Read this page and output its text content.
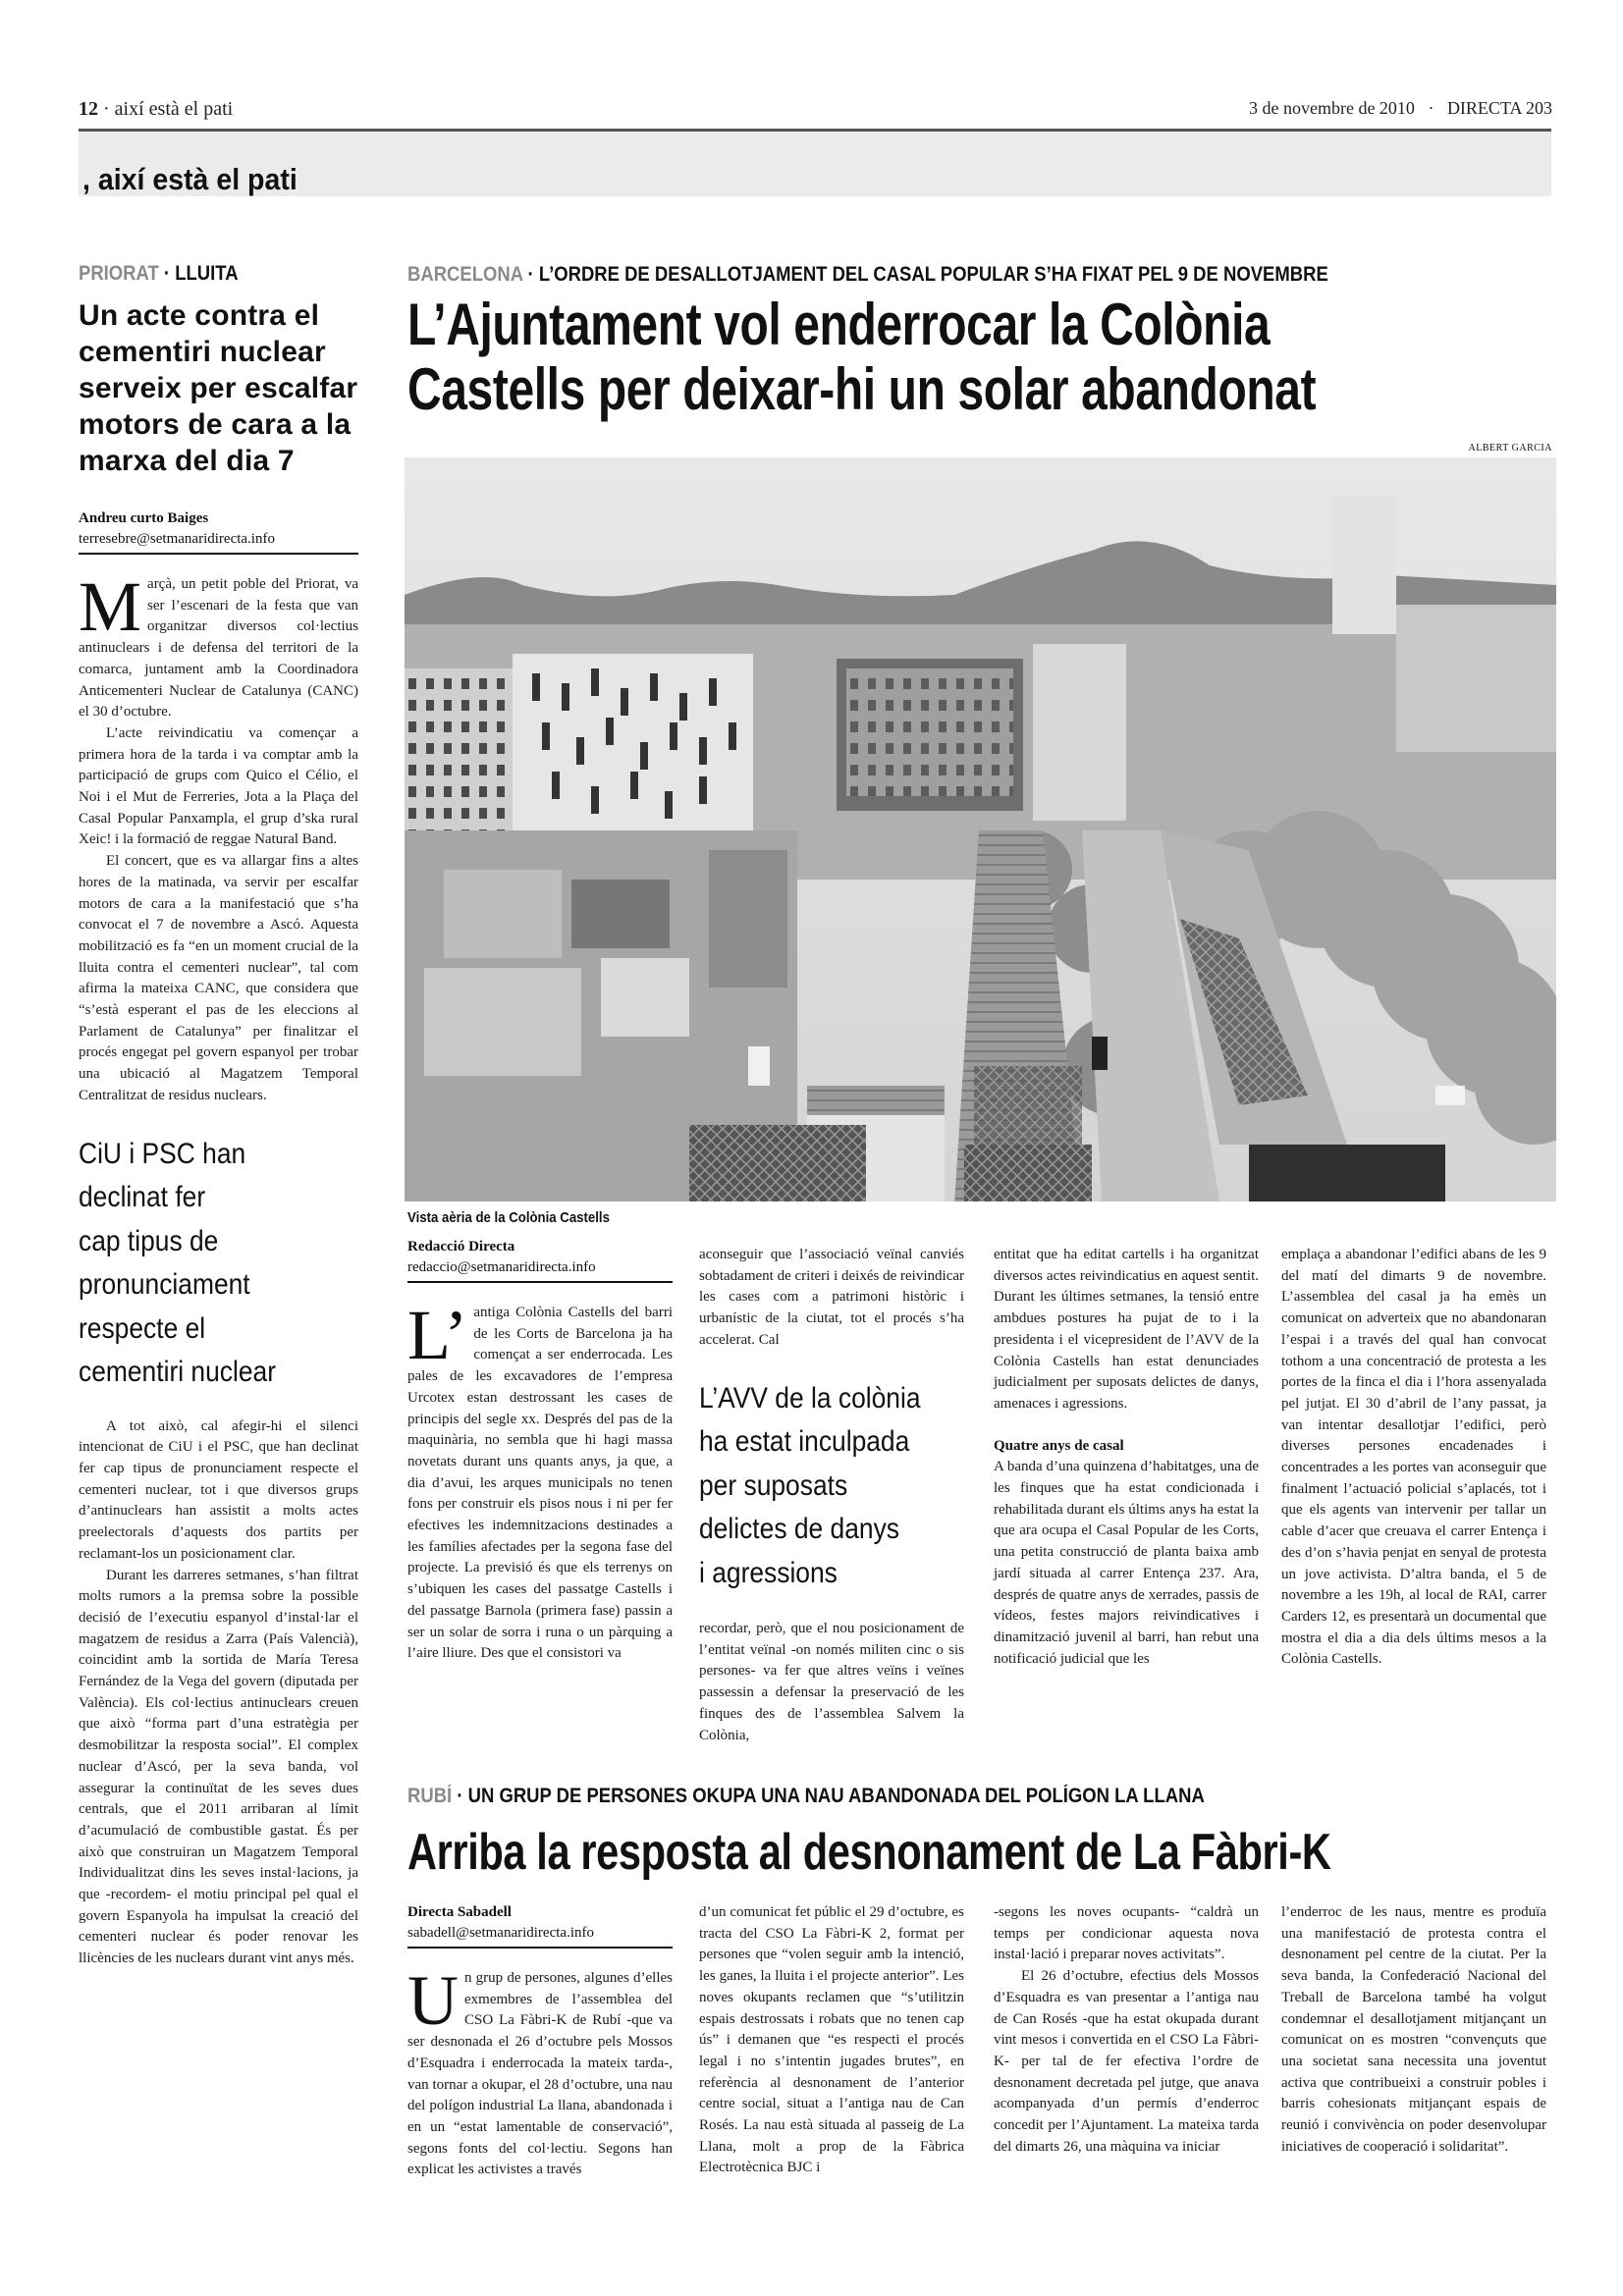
12 · així està el pati	3 de novembre de 2010 · DIRECTA 203
, així està el pati
PRIORAT · LLUITA
Un acte contra el cementiri nuclear serveix per escalfar motors de cara a la marxa del dia 7
Andreu curto Baiges
terresebre@setmanaridirecta.info
M arçà, un petit poble del Priorat, va ser l’escenari de la festa que van organitzar diversos col·lectius antinuclears i de defensa del territori de la comarca, juntament amb la Coordinadora Anticementeri Nuclear de Catalunya (CANC) el 30 d’octubre.

L’acte reivindicatiu va començar a primera hora de la tarda i va comptar amb la participació de grups com Quico el Célio, el Noi i el Mut de Ferreries, Jota a la Plaça del Casal Popular Panxampla, el grup d’ska rural Xeic! i la formació de reggae Natural Band.

El concert, que es va allargar fins a altes hores de la matinada, va servir per escalfar motors de cara a la manifestació que s’ha convocat el 7 de novembre a Ascó. Aquesta mobilització es fa “en un moment crucial de la lluita contra el cementeri nuclear”, tal com afirma la mateixa CANC, que considera que “s’està esperant el pas de les eleccions al Parlament de Catalunya” per finalitzar el procés engegat pel govern espanyol per trobar una ubicació al Magatzem Temporal Centralitzat de residus nuclears.

CiU i PSC han
declinat fer
cap tipus de
pronunciament
respecte el
cementiri nuclear

A tot això, cal afegir-hi el silenci intencionat de CiU i el PSC, que han declinat fer cap tipus de pronunciament respecte el cementeri nuclear, tot i que diversos grups d’antinuclears han assistit a molts actes preelectorals d’aquests dos partits per reclamant-los un posicionament clar.

Durant les darreres setmanes, s’han filtrat molts rumors a la premsa sobre la possible decisió de l’executiu espanyol d’instal·lar el magatzem de residus a Zarra (País Valencià), coincidint amb la sortida de María Teresa Fernández de la Vega del govern (diputada per València). Els col·lectius antinuclears creuen que això “forma part d’una estratègia per desmobilitzar la resposta social”. El complex nuclear d’Ascó, per la seva banda, vol assegurar la continuïtat de les seves dues centrals, que el 2011 arribaran al límit d’acumulació de combustible gastat. És per això que construiran un Magatzem Temporal Individualitzat dins les seves instal·lacions, ja que -recordem- el motiu principal pel qual el govern Espanyola ha impulsat la creació del cementeri nuclear és poder renovar les llicències de les nuclears durant vint anys més.

BARCELONA · L’ORDRE DE DESALLOTJAMENT DEL CASAL POPULAR S’HA FIXAT PEL 9 DE NOVEMBRE
L’Ajuntament vol enderrocar la Colònia
Castells per deixar-hi un solar abandonat
ALBERT GARCIA
Vista aèria de la Colònia Castells
Redacció Directa
redaccio@setmanaridirecta.info
L’ antiga Colònia Castells del barri de les Corts de Barcelona ja ha començat a ser enderrocada. Les pales de les excavadores de l’empresa Urcotex estan destrossant les cases de principis del segle xx. Després del pas de la maquinària, no sembla que hi hagi massa novetats durant uns quants anys, ja que, a dia d’avui, les arques municipals no tenen fons per construir els pisos nous i ni per fer efectives les indemnitzacions destinades a les famílies afectades per la segona fase del projecte. La previsió és que els terrenys on s’ubiquen les cases del passatge Castells i del passatge Barnola (primera fase) passin a ser un solar de sorra i runa o un pàrquing a l’aire lliure. Des que el consistori va

aconseguir que l’associació veïnal canviés sobtadament de criteri i deixés de reivindicar les cases com a patrimoni històric i urbanístic de la ciutat, tot el procés s’ha accelerat. Cal

L’AVV de la colònia
ha estat inculpada
per suposats
delictes de danys
i agressions

recordar, però, que el nou posicionament de l’entitat veïnal -on només militen cinc o sis persones- va fer que altres veïns i veïnes passessin a defensar la preservació de les finques des de l’assemblea Salvem la Colònia,

entitat que ha editat cartells i ha organitzat diversos actes reivindicatius en aquest sentit. Durant les últimes setmanes, la tensió entre ambdues postures ha pujat de to i la presidenta i el vicepresident de l’AVV de la Colònia Castells han estat denunciades judicialment per suposats delictes de danys, amenaces i agressions.

Quatre anys de casal

A banda d’una quinzena d’habitatges, una de les finques que ha estat condicionada i rehabilitada durant els últims anys ha estat la que ara ocupa el Casal Popular de les Corts, una petita construcció de planta baixa amb jardí situada al carrer Entença 237. Ara, després de quatre anys de xerrades, passis de vídeos, festes majors reivindicatives i dinamització juvenil al barri, han rebut una notificació judicial que les

emplaça a abandonar l’edifici abans de les 9 del matí del dimarts 9 de novembre. L’assemblea del casal ja ha emès un comunicat on adverteix que no abandonaran l’espai i a través del qual han convocat tothom a una concentració de protesta a les portes de la finca el dia i l’hora assenyalada pel jutjat. El 30 d’abril de l’any passat, ja van intentar desallotjar l’edifici, però diverses persones encadenades i concentrades a les portes van aconseguir que finalment l’actuació policial s’aplacés, tot i que els agents van intervenir per tallar un cable d’acer que creuava el carrer Entença i des d’on s’havia penjat en senyal de protesta un jove activista. D’altra banda, el 5 de novembre a les 19h, al local de RAI, carrer Carders 12, es presentarà un documental que mostra el dia a dia dels últims mesos a la Colònia Castells.

RUBÍ · UN GRUP DE PERSONES OKUPA UNA NAU ABANDONADA DEL POLÍGON LA LLANA
Arriba la resposta al desnonament de La Fàbri-K
Directa Sabadell
sabadell@setmanaridirecta.info
U n grup de persones, algunes d’elles exmembres de l’assemblea del CSO La Fàbri-K de Rubí -que va ser desnonada el 26 d’octubre pels Mossos d’Esquadra i enderrocada la mateix tarda-, van tornar a okupar, el 28 d’octubre, una nau del polígon industrial La llana, abandonada i en un “estat lamentable de conservació”, segons fonts del col·lectiu. Segons han explicat les activistes a través

d’un comunicat fet públic el 29 d’octubre, es tracta del CSO La Fàbri-K 2, format per persones que “volen seguir amb la intenció, les ganes, la lluita i el projecte anterior”. Les noves okupants reclamen que “s’utilitzin espais destrossats i robats que no tenen cap ús” i demanen que “es respecti el procés legal i no s’intentin jugades brutes”, en referència al desnonament de l’anterior centre social, situat a l’antiga nau de Can Rosés. La nau està situada al passeig de La Llana, molt a prop de la Fàbrica Electrotècnica BJC i

-segons les noves ocupants- “caldrà un temps per condicionar aquesta nova instal·lació i preparar noves activitats”.

El 26 d’octubre, efectius dels Mossos d’Esquadra es van presentar a l’antiga nau de Can Rosés -que ha estat okupada durant vint mesos i convertida en el CSO La Fàbri-K- per tal de fer efectiva l’ordre de desnonament decretada pel jutge, que anava acompanyada d’un permís d’enderroc concedit per l’Ajuntament. La mateixa tarda del dimarts 26, una màquina va iniciar

l’enderroc de les naus, mentre es produïa una manifestació de protesta contra el desnonament pel centre de la ciutat. Per la seva banda, la Confederació Nacional del Treball de Barcelona també ha volgut condemnar el desallotjament mitjançant un comunicat on es mostren “convençuts que una societat sana necessita una joventut activa que contribueixi a construir pobles i barris cohesionats mitjançant espais de reunió i convivència on poder desenvolupar iniciatives de cooperació i solidaritat”.
